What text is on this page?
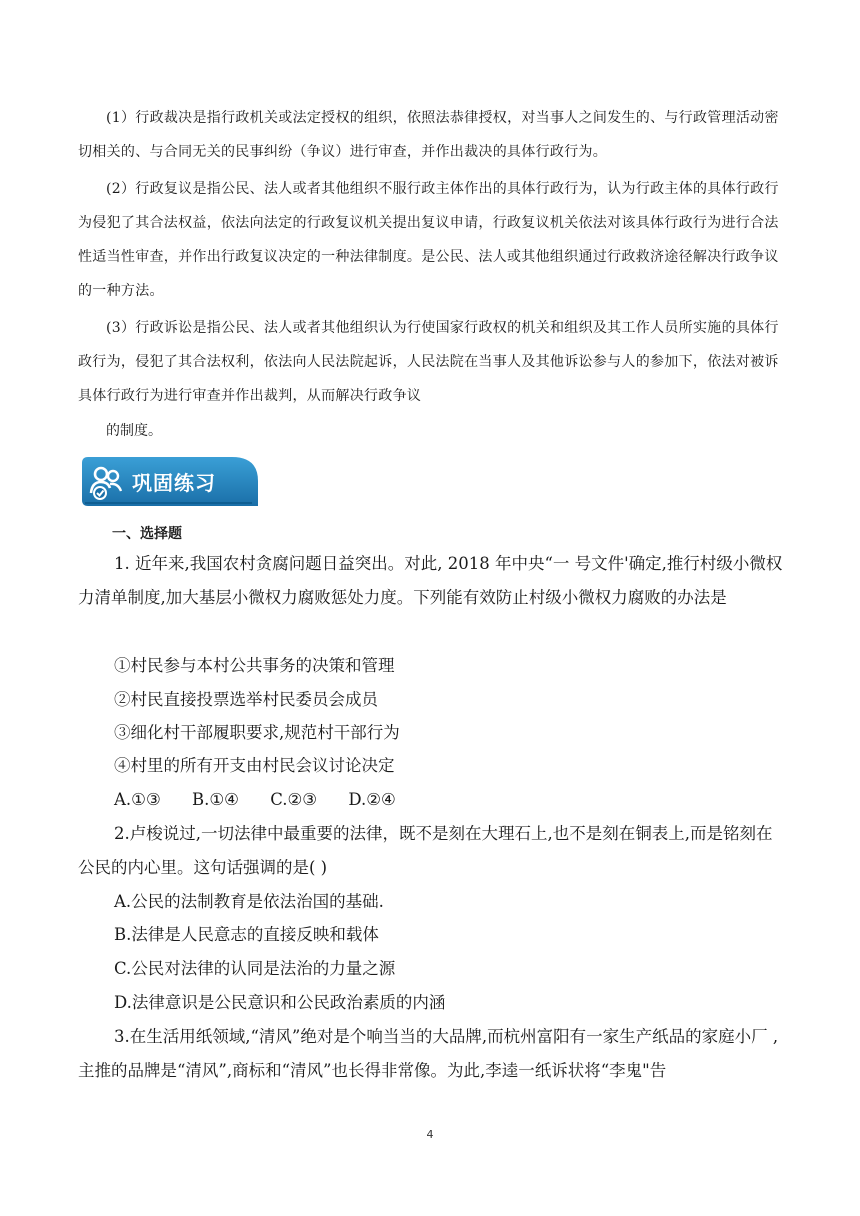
(1）行政裁决是指行政机关或法定授权的组织，依照法恭律授权，对当事人之间发生的、与行政管理活动密切相关的、与合同无关的民事纠纷（争议）进行审查，并作出裁决的具体行政行为。

(2）行政复议是指公民、法人或者其他组织不服行政主体作出的具体行政行为，认为行政主体的具体行政行为侵犯了其合法权益，依法向法定的行政复议机关提出复议申请，行政复议机关依法对该具体行政行为进行合法性适当性审查，并作出行政复议决定的一种法律制度。是公民、法人或其他组织通过行政救济途径解决行政争议的一种方法。

(3）行政诉讼是指公民、法人或者其他组织认为行使国家行政权的机关和组织及其工作人员所实施的具体行政行为，侵犯了其合法权利，依法向人民法院起诉，人民法院在当事人及其他诉讼参与人的参加下，依法对被诉具体行政行为进行审查并作出裁判，从而解决行政争议

的制度。

巩固练习

一、选择题

1. 近年来,我国农村贪腐问题日益突出。对此, 2018 年中央“一 号文件'确定,推行村级小微权力清单制度,加大基层小微权力腐败惩处力度。下列能有效防止村级小微权力腐败的办法是

①村民参与本村公共事务的决策和管理

②村民直接投票选举村民委员会成员

③细化村干部履职要求,规范村干部行为

④村里的所有开支由村民会议讨论决定

A.①③ B.①④ C.②③ D.②④

2.卢梭说过,一切法律中最重要的法律，既不是刻在大理石上,也不是刻在铜表上,而是铭刻在公民的内心里。这句话强调的是( )

A.公民的法制教育是依法治国的基础.

B.法律是人民意志的直接反映和载体

C.公民对法律的认同是法治的力量之源

D.法律意识是公民意识和公民政治素质的内涵

3.在生活用纸领域,“清风”绝对是个响当当的大品牌,而杭州富阳有一家生产纸品的家庭小厂 ,主推的品牌是“清风”,商标和“清风”也长得非常像。为此,李逵一纸诉状将“李鬼"告

4
